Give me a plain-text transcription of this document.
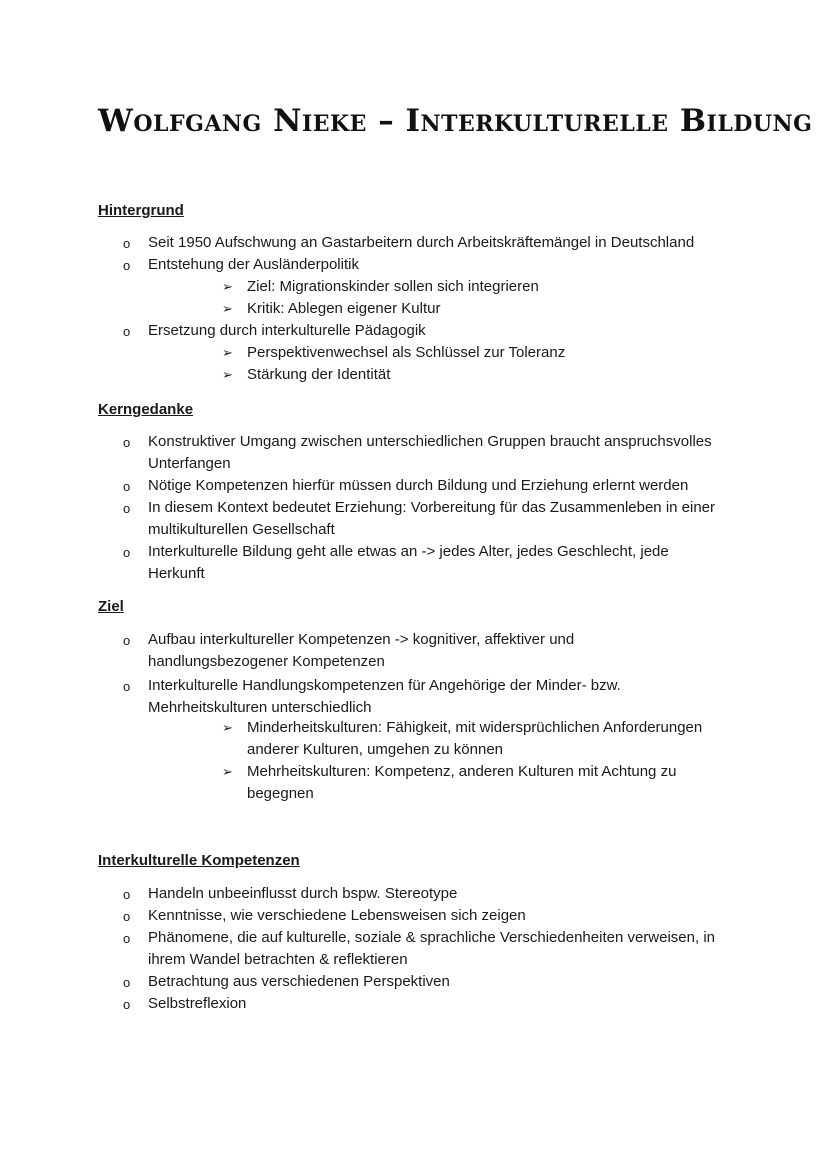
Wolfgang Nieke – Interkulturelle Bildung
Hintergrund
o Seit 1950 Aufschwung an Gastarbeitern durch Arbeitskräftemängel in Deutschland
o Entstehung der Ausländerpolitik
➢ Ziel: Migrationskinder sollen sich integrieren
➢ Kritik: Ablegen eigener Kultur
o Ersetzung durch interkulturelle Pädagogik
➢ Perspektivenwechsel als Schlüssel zur Toleranz
➢ Stärkung der Identität
Kerngedanke
o Konstruktiver Umgang zwischen unterschiedlichen Gruppen braucht anspruchsvolles
Unterfangen
o Nötige Kompetenzen hierfür müssen durch Bildung und Erziehung erlernt werden
o In diesem Kontext bedeutet Erziehung: Vorbereitung für das Zusammenleben in einer
multikulturellen Gesellschaft
o Interkulturelle Bildung geht alle etwas an -> jedes Alter, jedes Geschlecht, jede
Herkunft
Ziel
o Aufbau interkultureller Kompetenzen -> kognitiver, affektiver und
handlungsbezogener Kompetenzen
o Interkulturelle Handlungskompetenzen für Angehörige der Minder- bzw.
Mehrheitskulturen unterschiedlich
➢ Minderheitskulturen: Fähigkeit, mit widersprüchlichen Anforderungen
anderer Kulturen, umgehen zu können
➢ Mehrheitskulturen: Kompetenz, anderen Kulturen mit Achtung zu
begegnen
Interkulturelle Kompetenzen
o Handeln unbeeinflusst durch bspw. Stereotype
o Kenntnisse, wie verschiedene Lebensweisen sich zeigen
o Phänomene, die auf kulturelle, soziale & sprachliche Verschiedenheiten verweisen, in
ihrem Wandel betrachten & reflektieren
o Betrachtung aus verschiedenen Perspektiven
o Selbstreflexion
